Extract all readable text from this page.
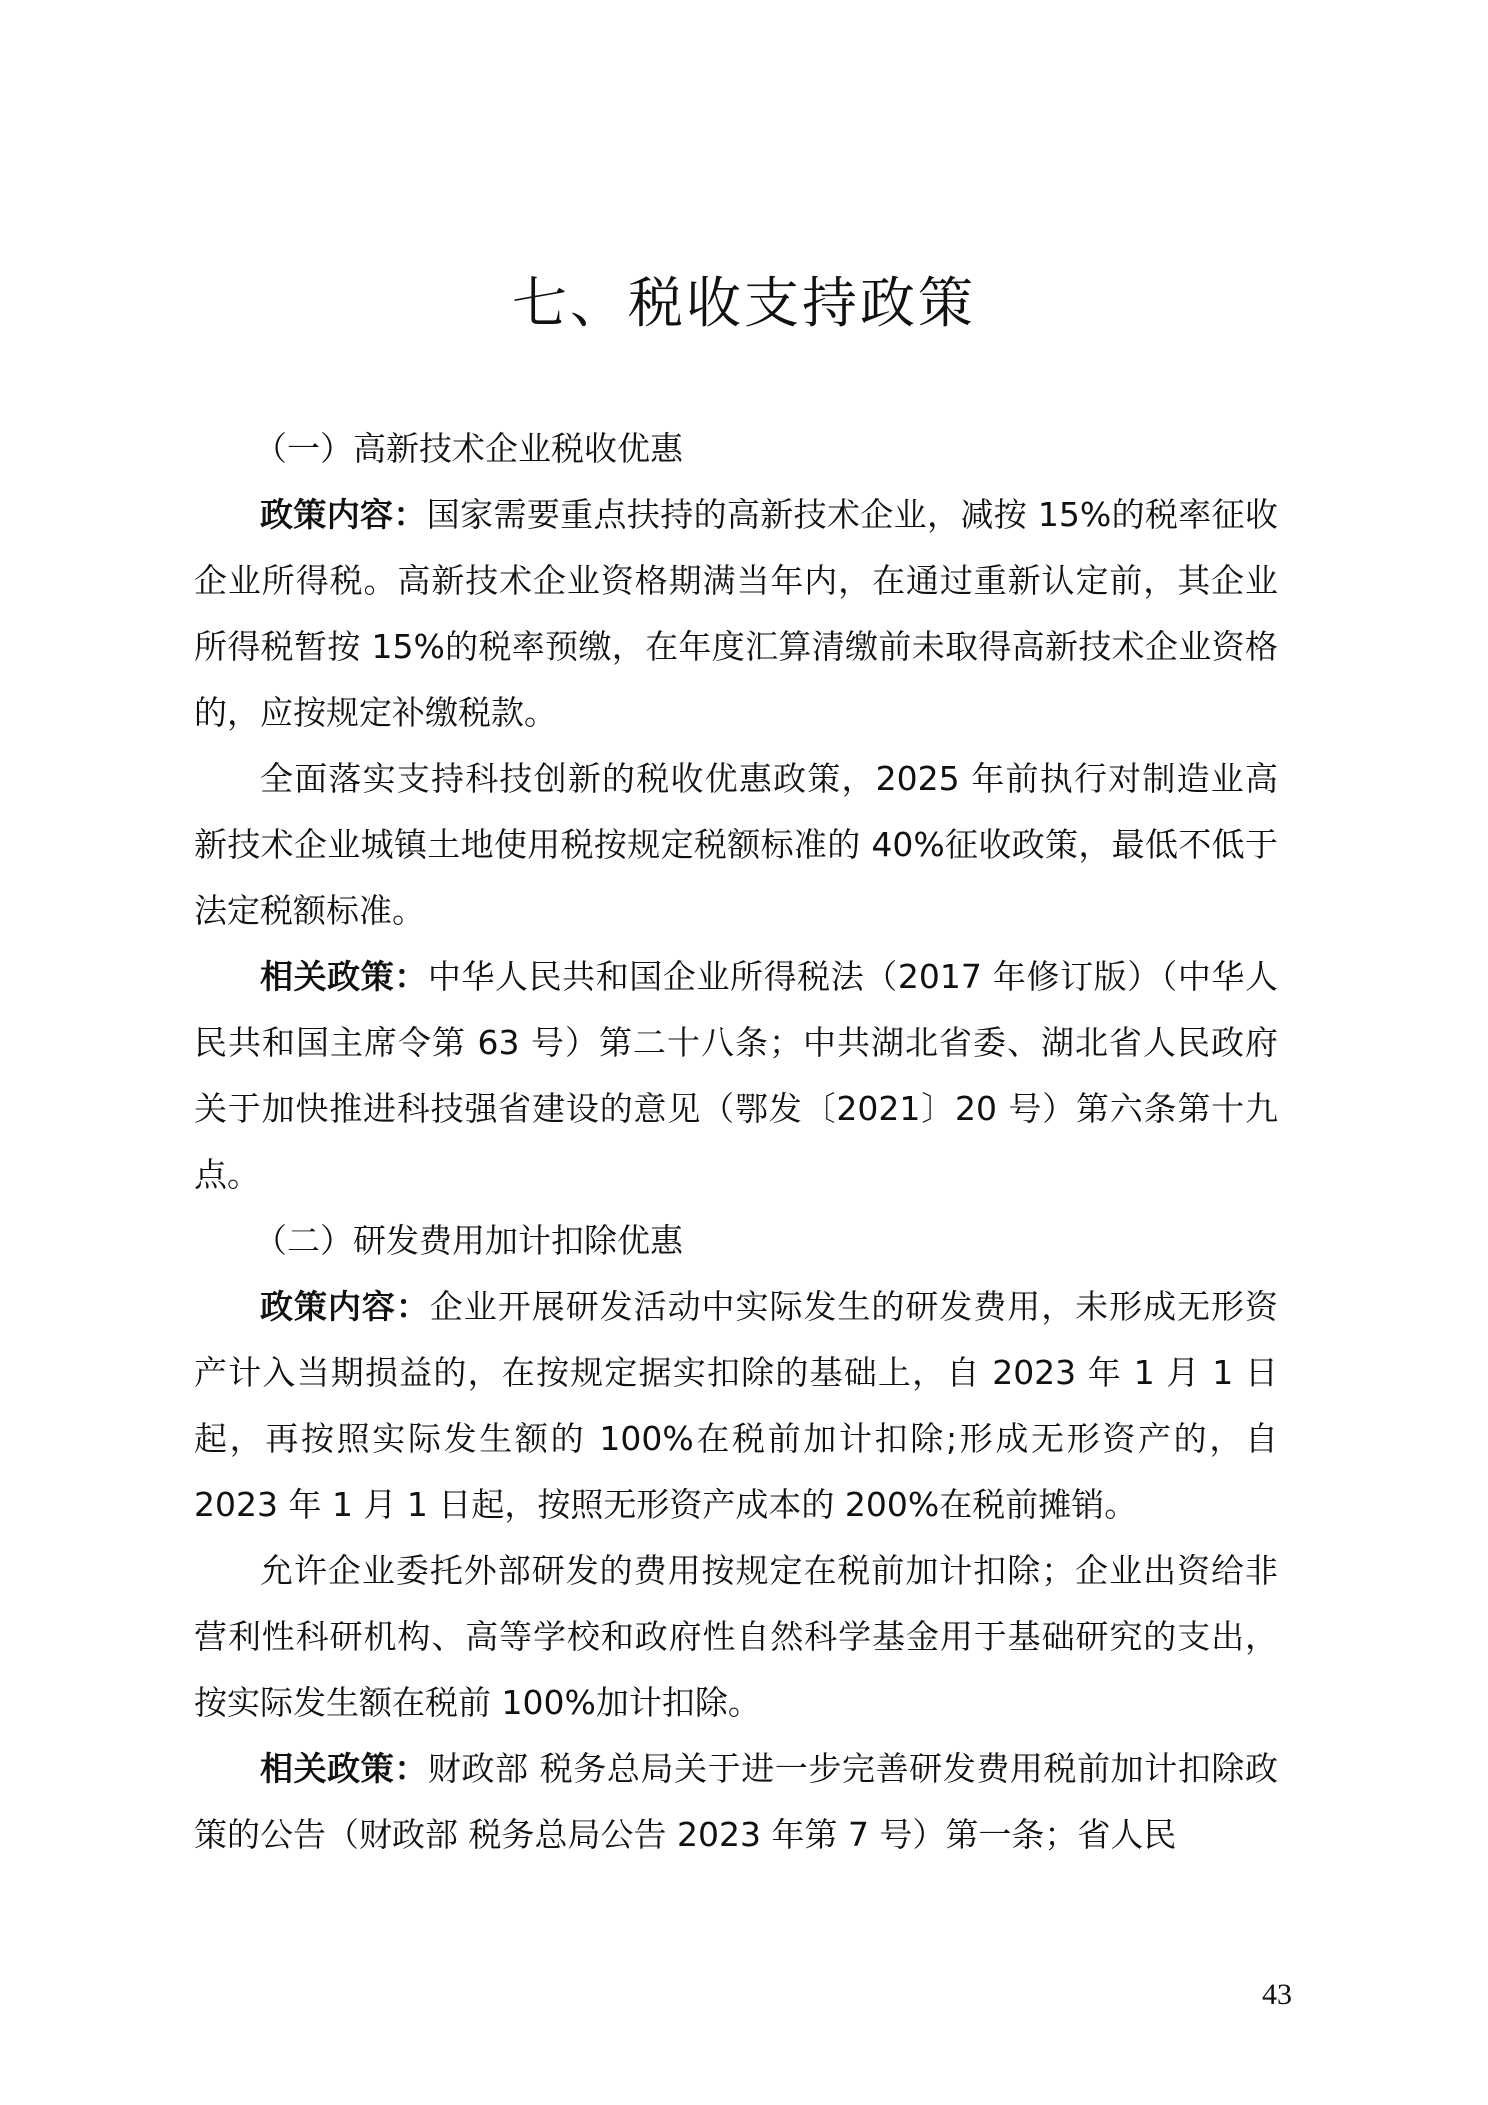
七、税收支持政策

（一）高新技术企业税收优惠

政策内容：国家需要重点扶持的高新技术企业，减按 15%的税率征收企业所得税。高新技术企业资格期满当年内，在通过重新认定前，其企业所得税暂按 15%的税率预缴，在年度汇算清缴前未取得高新技术企业资格的，应按规定补缴税款。

全面落实支持科技创新的税收优惠政策，2025 年前执行对制造业高新技术企业城镇土地使用税按规定税额标准的 40%征收政策，最低不低于法定税额标准。

相关政策：中华人民共和国企业所得税法（2017 年修订版）（中华人民共和国主席令第 63 号）第二十八条；中共湖北省委、湖北省人民政府关于加快推进科技强省建设的意见（鄂发〔2021〕20 号）第六条第十九点。

（二）研发费用加计扣除优惠

政策内容：企业开展研发活动中实际发生的研发费用，未形成无形资产计入当期损益的，在按规定据实扣除的基础上，自 2023 年 1 月 1 日起，再按照实际发生额的 100%在税前加计扣除;形成无形资产的，自 2023 年 1 月 1 日起，按照无形资产成本的 200%在税前摊销。

允许企业委托外部研发的费用按规定在税前加计扣除；企业出资给非营利性科研机构、高等学校和政府性自然科学基金用于基础研究的支出，按实际发生额在税前 100%加计扣除。

相关政策：财政部 税务总局关于进一步完善研发费用税前加计扣除政策的公告（财政部 税务总局公告 2023 年第 7 号）第一条；省人民

43
